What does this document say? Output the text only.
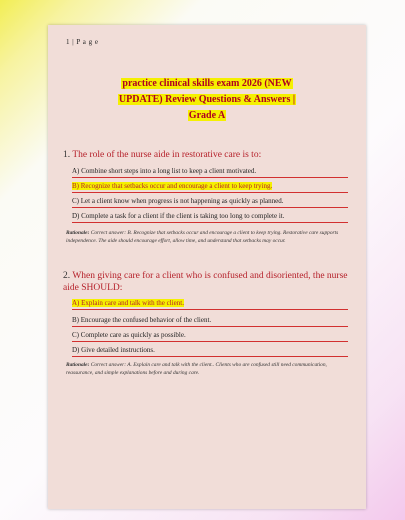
1 | P a g e
practice clinical skills exam 2026 (NEW
UPDATE) Review Questions & Answers |
Grade A
1. The role of the nurse aide in restorative care is to:
A) Combine short steps into a long list to keep a client motivated.
B) Recognize that setbacks occur and encourage a client to keep trying.
C) Let a client know when progress is not happening as quickly as planned.
D) Complete a task for a client if the client is taking too long to complete it.
Rationale: Correct answer: B. Recognize that setbacks occur and encourage a client to keep trying. Restorative care supports independence. The aide should encourage effort, allow time, and understand that setbacks may occur.
2. When giving care for a client who is confused and disoriented, the nurse aide SHOULD:
A) Explain care and talk with the client.
B) Encourage the confused behavior of the client.
C) Complete care as quickly as possible.
D) Give detailed instructions.
Rationale: Correct answer: A. Explain care and talk with the client.. Clients who are confused still need communication, reassurance, and simple explanations before and during care.
